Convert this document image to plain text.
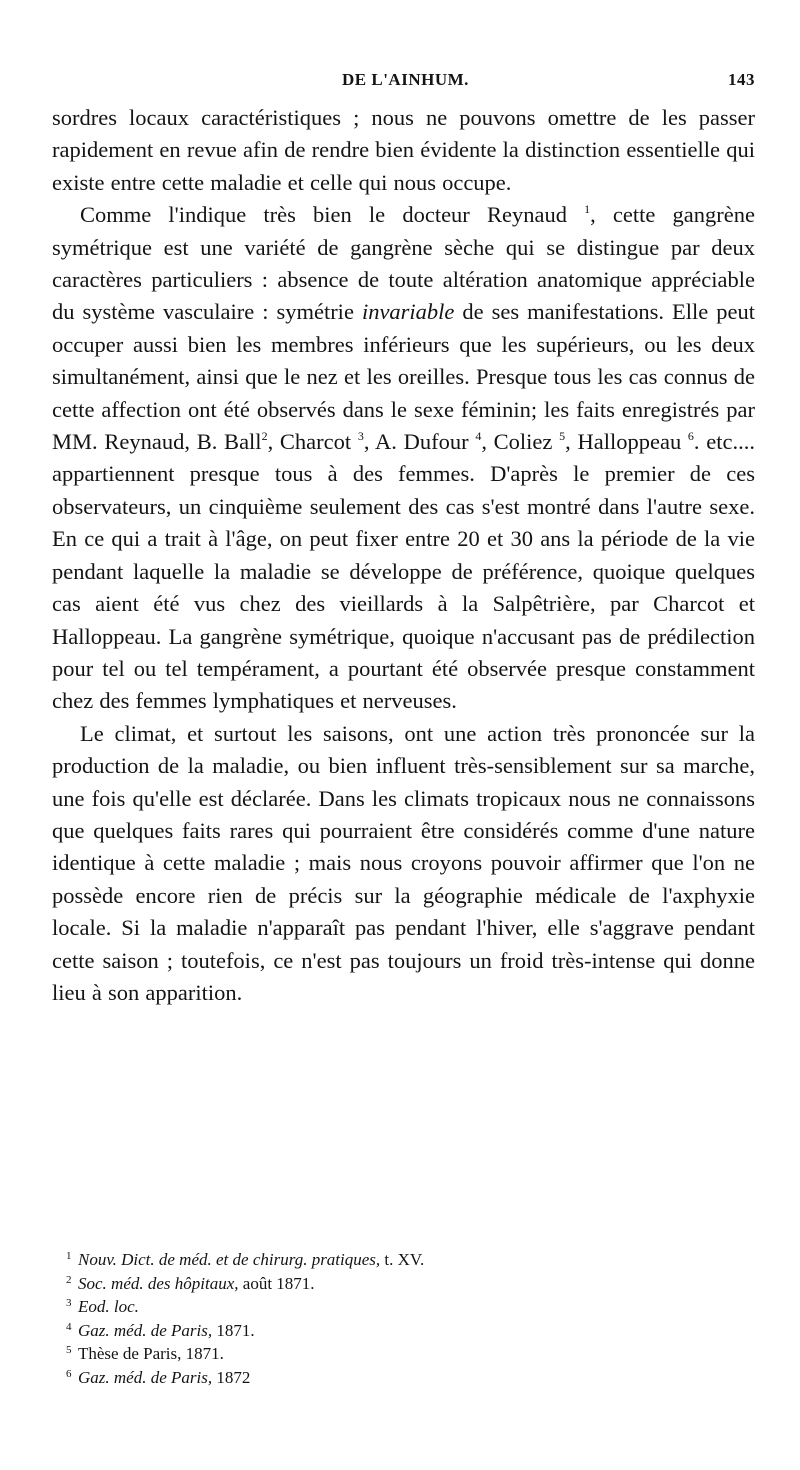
DE L'AINHUM.	143

sordres locaux caractéristiques ; nous ne pouvons omettre de les passer rapidement en revue afin de rendre bien évidente la distinction essentielle qui existe entre cette maladie et celle qui nous occupe.

Comme l'indique très bien le docteur Reynaud $^1$, cette gangrène symétrique est une variété de gangrène sèche qui se distingue par deux caractères particuliers : absence de toute altération anatomique appréciable du système vasculaire : symétrie invariable de ses manifestations. Elle peut occuper aussi bien les membres inférieurs que les supérieurs, ou les deux simultanément, ainsi que le nez et les oreilles. Presque tous les cas connus de cette affection ont été observés dans le sexe féminin; les faits enregistrés par MM. Reynaud, B. Ball$^2$, Charcot $^3$, A. Dufour $^4$, Coliez $^5$, Halloppeau $^6$. etc.... appartiennent presque tous à des femmes. D'après le premier de ces observateurs, un cinquième seulement des cas s'est montré dans l'autre sexe. En ce qui a trait à l'âge, on peut fixer entre 20 et 30 ans la période de la vie pendant laquelle la maladie se développe de préférence, quoique quelques cas aient été vus chez des vieillards à la Salpêtrière, par Charcot et Halloppeau. La gangrène symétrique, quoique n'accusant pas de prédilection pour tel ou tel tempérament, a pourtant été observée presque constamment chez des femmes lymphatiques et nerveuses.

Le climat, et surtout les saisons, ont une action très prononcée sur la production de la maladie, ou bien influent très-sensiblement sur sa marche, une fois qu'elle est déclarée. Dans les climats tropicaux nous ne connaissons que quelques faits rares qui pourraient être considérés comme d'une nature identique à cette maladie ; mais nous croyons pouvoir affirmer que l'on ne possède encore rien de précis sur la géographie médicale de l'axphyxie locale. Si la maladie n'apparaît pas pendant l'hiver, elle s'aggrave pendant cette saison ; toutefois, ce n'est pas toujours un froid très-intense qui donne lieu à son apparition.

$^1$ Nouv. Dict. de méd. et de chirurg. pratiques, t. XV.
$^2$ Soc. méd. des hôpitaux, août 1871.
$^3$ Eod. loc.
$^4$ Gaz. méd. de Paris, 1871.
$^5$ Thèse de Paris, 1871.
$^6$ Gaz. méd. de Paris, 1872
